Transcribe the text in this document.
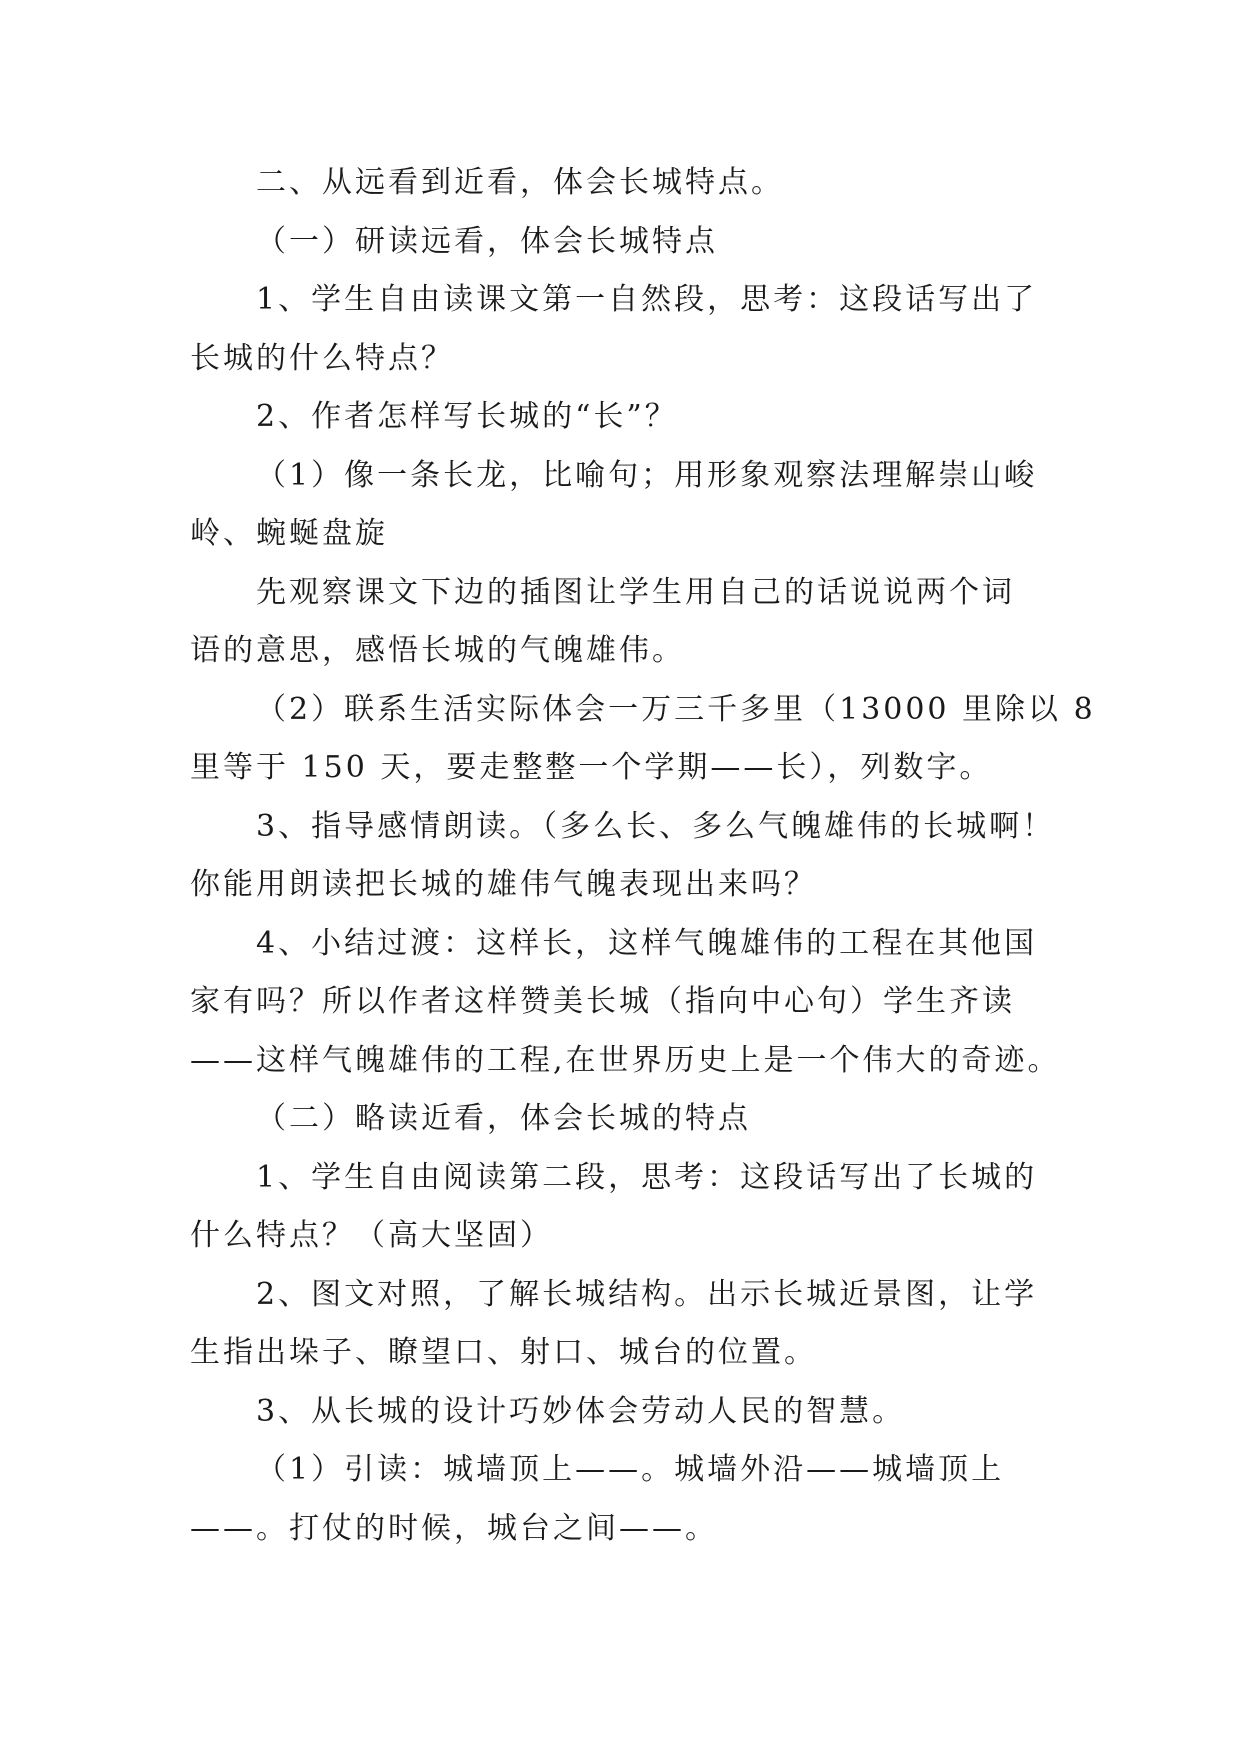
二、从远看到近看，体会长城特点。

（一）研读远看，体会长城特点

1、学生自由读课文第一自然段，思考：这段话写出了

长城的什么特点？

2、作者怎样写长城的“长”？

（1）像一条长龙，比喻句；用形象观察法理解崇山峻

岭、蜿蜒盘旋

先观察课文下边的插图让学生用自己的话说说两个词

语的意思，感悟长城的气魄雄伟。

（2）联系生活实际体会一万三千多里（13000 里除以 8

里等于 150 天，要走整整一个学期——长），列数字。

3、指导感情朗读。（多么长、多么气魄雄伟的长城啊！

你能用朗读把长城的雄伟气魄表现出来吗？

4、小结过渡：这样长，这样气魄雄伟的工程在其他国

家有吗？所以作者这样赞美长城（指向中心句）学生齐读

——这样气魄雄伟的工程,在世界历史上是一个伟大的奇迹。

（二）略读近看，体会长城的特点

1、学生自由阅读第二段，思考：这段话写出了长城的

什么特点？（高大坚固）

2、图文对照，了解长城结构。出示长城近景图，让学

生指出垛子、瞭望口、射口、城台的位置。

3、从长城的设计巧妙体会劳动人民的智慧。

（1）引读：城墙顶上——。城墙外沿——城墙顶上

——。打仗的时候，城台之间——。
